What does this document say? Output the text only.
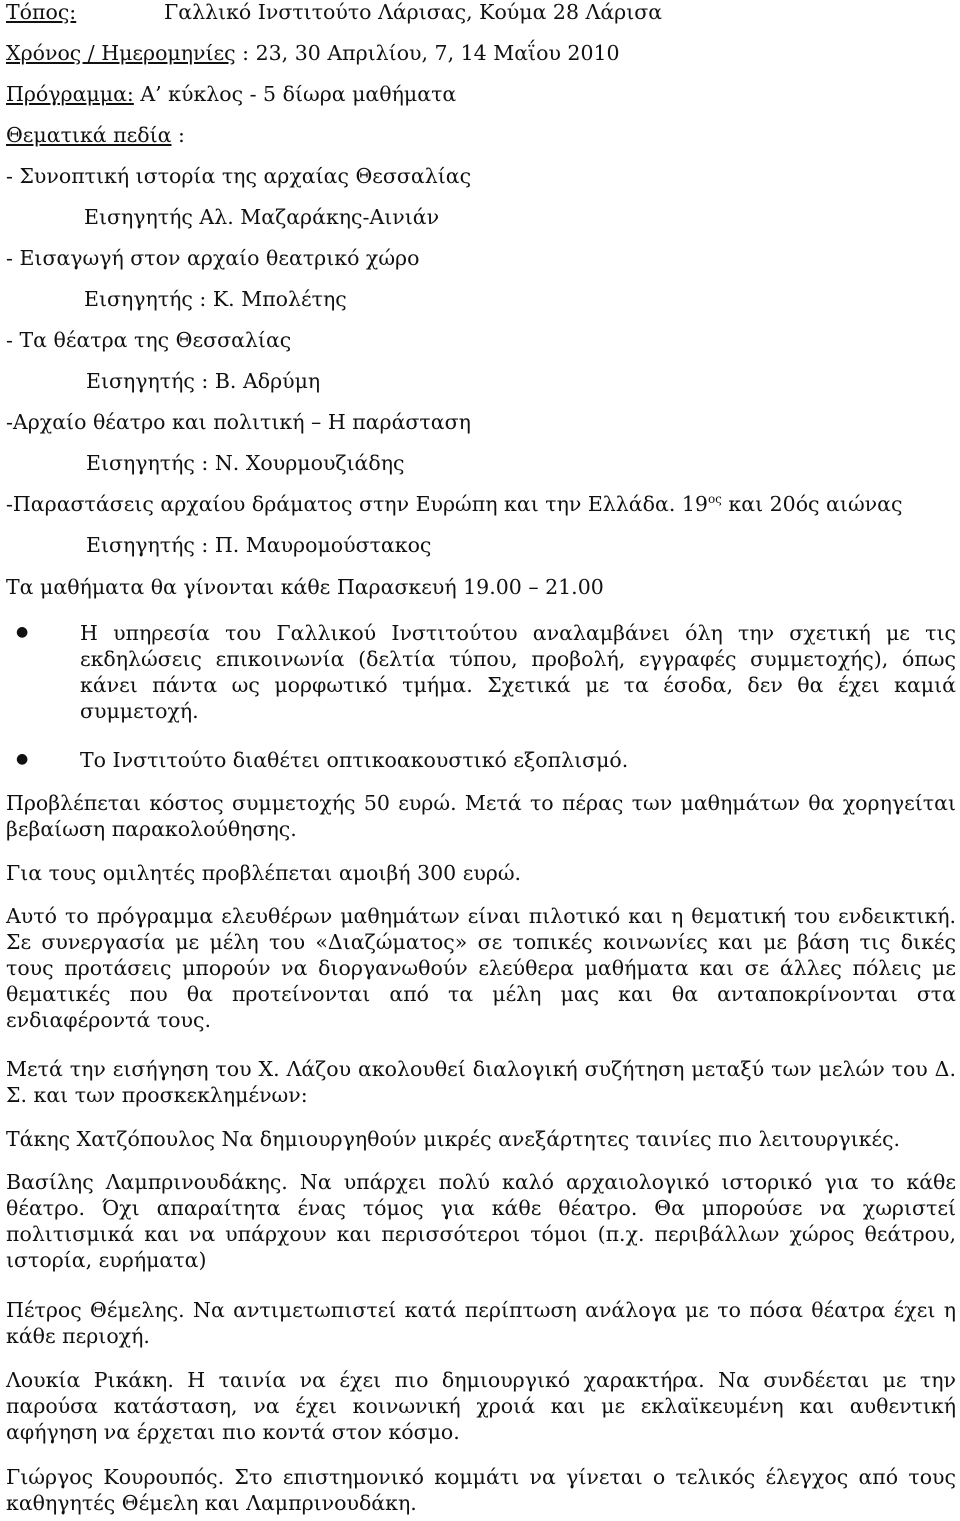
Τόπος:	Γαλλικό Ινστιτούτο Λάρισας, Κούμα 28 Λάρισα
Χρόνος / Ημερομηνίες : 23, 30 Απριλίου, 7, 14 Μαΐου 2010
Πρόγραμμα: Α’ κύκλος - 5 δίωρα μαθήματα
Θεματικά πεδία :
- Συνοπτική ιστορία της αρχαίας Θεσσαλίας
Εισηγητής Αλ. Μαζαράκης-Αινιάν
- Εισαγωγή στον αρχαίο θεατρικό χώρο
Εισηγητής : Κ. Μπολέτης
- Τα θέατρα της Θεσσαλίας
Εισηγητής : Β. Αδρύμη
-Αρχαίο θέατρο και πολιτική – Η παράσταση
Εισηγητής : Ν. Χουρμουζιάδης
-Παραστάσεις αρχαίου δράματος στην Ευρώπη και την Ελλάδα. $19^{o\varsigma}$ και 20ός αιώνας
Εισηγητής : Π. Μαυρομούστακος
Τα μαθήματα θα γίνονται κάθε Παρασκευή 19.00 – 21.00
●	Η υπηρεσία του Γαλλικού Ινστιτούτου αναλαμβάνει όλη την σχετική με τις εκδηλώσεις επικοινωνία (δελτία τύπου, προβολή, εγγραφές συμμετοχής), όπως κάνει πάντα ως μορφωτικό τμήμα. Σχετικά με τα έσοδα, δεν θα έχει καμιά συμμετοχή.
●	Το Ινστιτούτο διαθέτει οπτικοακουστικό εξοπλισμό.
Προβλέπεται κόστος συμμετοχής 50 ευρώ. Μετά το πέρας των μαθημάτων θα χορηγείται βεβαίωση παρακολούθησης.
Για τους ομιλητές προβλέπεται αμοιβή 300 ευρώ.
Αυτό το πρόγραμμα ελευθέρων μαθημάτων είναι πιλοτικό και η θεματική του ενδεικτική. Σε συνεργασία με μέλη του «Διαζώματος» σε τοπικές κοινωνίες και με βάση τις δικές τους προτάσεις μπορούν να διοργανωθούν ελεύθερα μαθήματα και σε άλλες πόλεις με θεματικές που θα προτείνονται από τα μέλη μας και θα ανταποκρίνονται στα ενδιαφέροντά τους.
Μετά την εισήγηση του Χ. Λάζου ακολουθεί διαλογική συζήτηση μεταξύ των μελών του Δ. Σ. και των προσκεκλημένων:
Τάκης Χατζόπουλος Να δημιουργηθούν μικρές ανεξάρτητες ταινίες πιο λειτουργικές.
Βασίλης Λαμπρινουδάκης. Να υπάρχει πολύ καλό αρχαιολογικό ιστορικό για το κάθε θέατρο. Όχι απαραίτητα ένας τόμος για κάθε θέατρο. Θα μπορούσε να χωριστεί πολιτισμικά και να υπάρχουν και περισσότεροι τόμοι (π.χ. περιβάλλων χώρος θεάτρου, ιστορία, ευρήματα)
Πέτρος Θέμελης. Να αντιμετωπιστεί κατά περίπτωση ανάλογα με το πόσα θέατρα έχει η κάθε περιοχή.
Λουκία Ρικάκη. Η ταινία να έχει πιο δημιουργικό χαρακτήρα. Να συνδέεται με την παρούσα κατάσταση, να έχει κοινωνική χροιά και με εκλαϊκευμένη και αυθεντική αφήγηση να έρχεται πιο κοντά στον κόσμο.
Γιώργος Κουρουπός. Στο επιστημονικό κομμάτι να γίνεται ο τελικός έλεγχος από τους καθηγητές Θέμελη και Λαμπρινουδάκη.
